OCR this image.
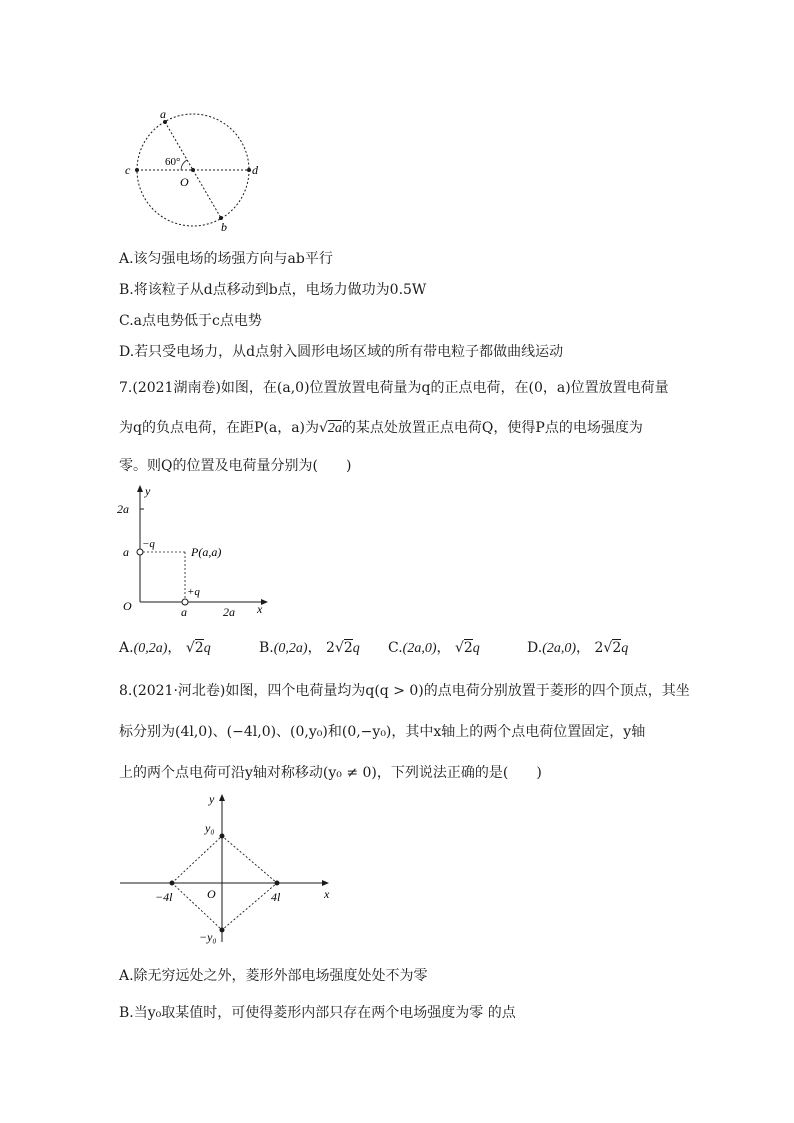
a
b
c	d
O
60°
A.该匀强电场的场强方向与ab平行
B.将该粒子从d点移动到b点，电场力做功为0.5W
C.a点电势低于c点电势
D.若只受电场力，从d点射入圆形电场区域的所有带电粒子都做曲线运动
7.(2021湖南卷)如图，在(a,0)位置放置电荷量为q的正点电荷，在(0，a)位置放置电荷量
为q的负点电荷，在距P(a，a)为√2a的某点处放置正点电荷Q，使得P点的电场强度为
零。则Q的位置及电荷量分别为(　　)
y
x
O
2a
a
a	2a
−q
+q
P(a,a)
A.(0,2a)， √2q	B.(0,2a)， 2√2q C.(2a,0)， √2q	D.(2a,0)， 2√2q
8.(2021·河北卷)如图，四个电荷量均为q(q > 0)的点电荷分别放置于菱形的四个顶点，其坐
标分别为(4l,0)、(−4l,0)、(0,y₀)和(0,−y₀)，其中x轴上的两个点电荷位置固定，y轴
上的两个点电荷可沿y轴对称移动(y₀ ≠ 0)，下列说法正确的是(　　)
y
x
O
y₀
−y₀
−4l	4l
A.除无穷远处之外，菱形外部电场强度处处不为零
B.当y₀取某值时，可使得菱形内部只存在两个电场强度为零 的点
